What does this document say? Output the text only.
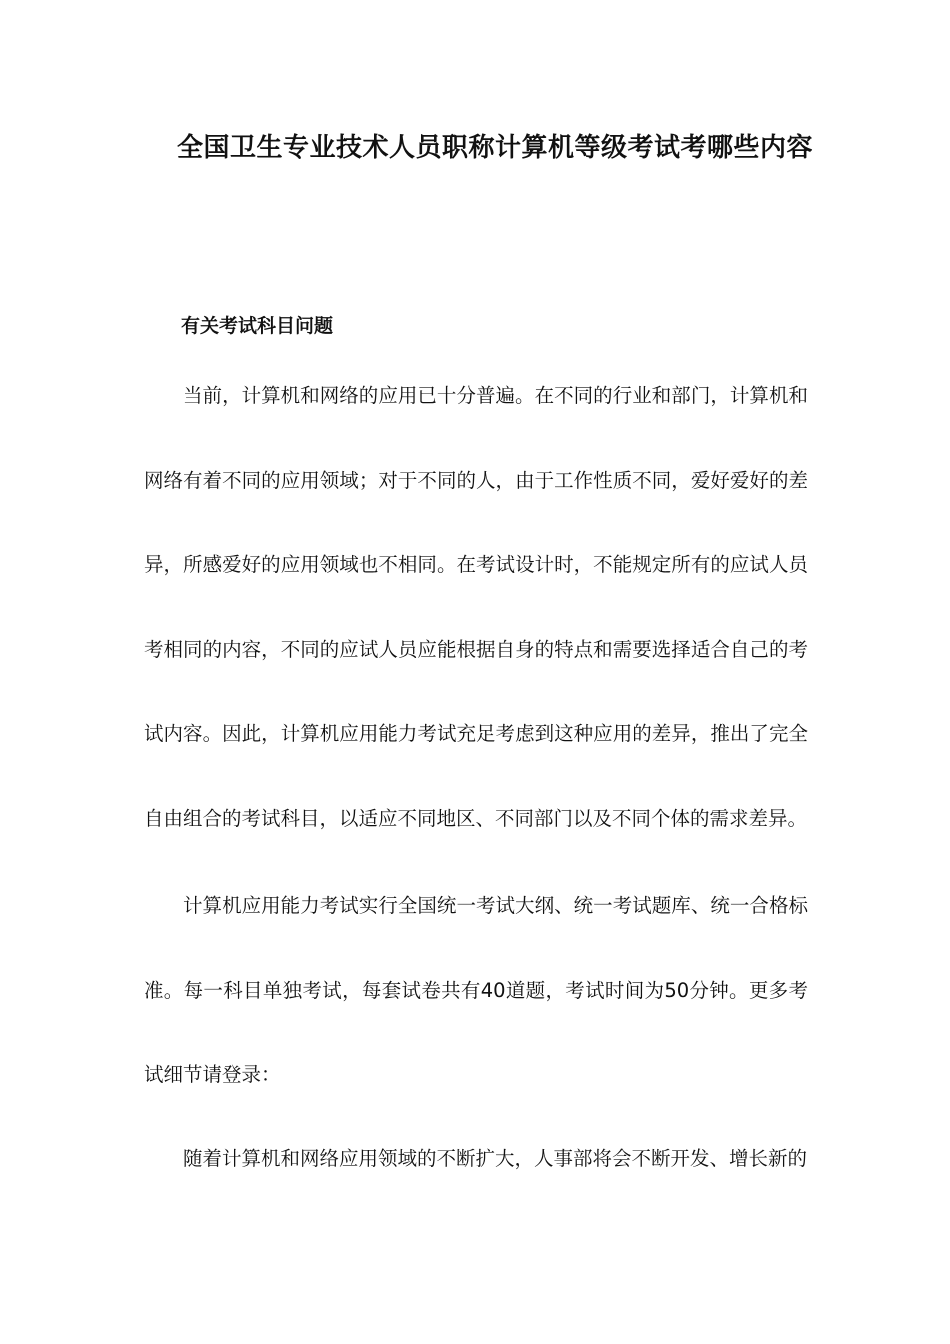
全国卫生专业技术人员职称计算机等级考试考哪些内容
有关考试科目问题

当前，计算机和网络的应用已十分普遍。在不同的行业和部门，计算机和网络有着不同的应用领域；对于不同的人，由于工作性质不同，爱好爱好的差异，所感爱好的应用领域也不相同。在考试设计时，不能规定所有的应试人员考相同的内容，不同的应试人员应能根据自身的特点和需要选择适合自己的考试内容。因此，计算机应用能力考试充足考虑到这种应用的差异，推出了完全自由组合的考试科目，以适应不同地区、不同部门以及不同个体的需求差异。

计算机应用能力考试实行全国统一考试大纲、统一考试题库、统一合格标准。每一科目单独考试，每套试卷共有40道题，考试时间为50分钟。更多考试细节请登录：

随着计算机和网络应用领域的不断扩大，人事部将会不断开发、增长新的
